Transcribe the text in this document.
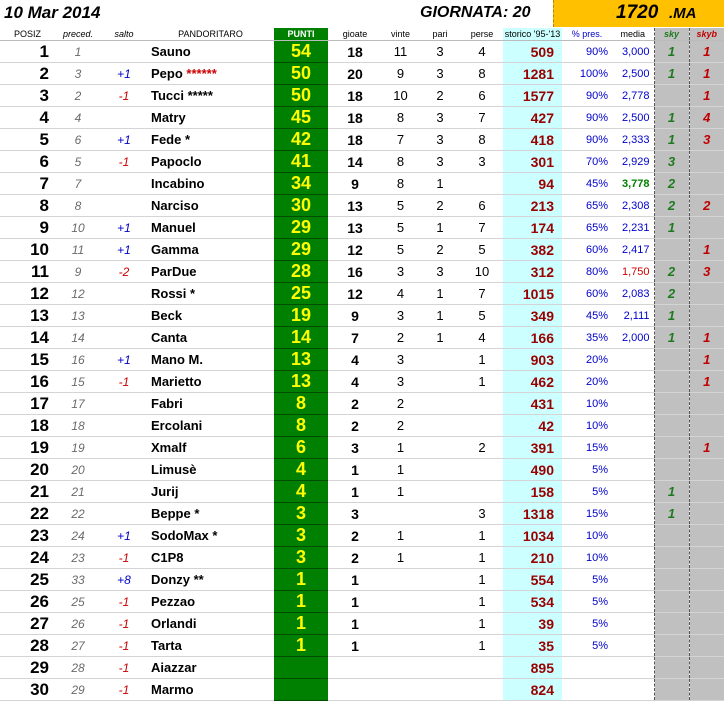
10 Mar 2014	GIORNATA: 20	1720 .MA
POSIZ	preced.	salto	PANDORITARO	PUNTI	gioate	vinte	pari	perse	storico '95-'13	% pres.	media	sky	skyb
1	1		Sauno	54	18	11	3	4	509	90%	3,000	1	1
2	3	+1	Pepo ******	50	20	9	3	8	1281	100%	2,500	1	1
3	2	-1	Tucci *****	50	18	10	2	6	1577	90%	2,778		1
4	4		Matry	45	18	8	3	7	427	90%	2,500	1	4
5	6	+1	Fede *	42	18	7	3	8	418	90%	2,333	1	3
6	5	-1	Papoclo	41	14	8	3	3	301	70%	2,929	3	
7	7		Incabino	34	9	8	1		94	45%	3,778	2	
8	8		Narciso	30	13	5	2	6	213	65%	2,308	2	2
9	10	+1	Manuel	29	13	5	1	7	174	65%	2,231	1	
10	11	+1	Gamma	29	12	5	2	5	382	60%	2,417		1
11	9	-2	ParDue	28	16	3	3	10	312	80%	1,750	2	3
12	12		Rossi *	25	12	4	1	7	1015	60%	2,083	2	
13	13		Beck	19	9	3	1	5	349	45%	2,111	1	
14	14		Canta	14	7	2	1	4	166	35%	2,000	1	1
15	16	+1	Mano M.	13	4	3		1	903	20%			1
16	15	-1	Marietto	13	4	3		1	462	20%			1
17	17		Fabri	8	2	2			431	10%			
18	18		Ercolani	8	2	2			42	10%			
19	19		Xmalf	6	3	1		2	391	15%			1
20	20		Limusè	4	1	1			490	5%			
21	21		Jurij	4	1	1			158	5%		1	
22	22		Beppe *	3	3			3	1318	15%		1	
23	24	+1	SodoMax *	3	2	1		1	1034	10%			
24	23	-1	C1P8	3	2	1		1	210	10%			
25	33	+8	Donzy **	1	1			1	554	5%			
26	25	-1	Pezzao	1	1			1	534	5%			
27	26	-1	Orlandi	1	1			1	39	5%			
28	27	-1	Tarta	1	1			1	35	5%			
29	28	-1	Aiazzar						895				
30	29	-1	Marmo						824				
